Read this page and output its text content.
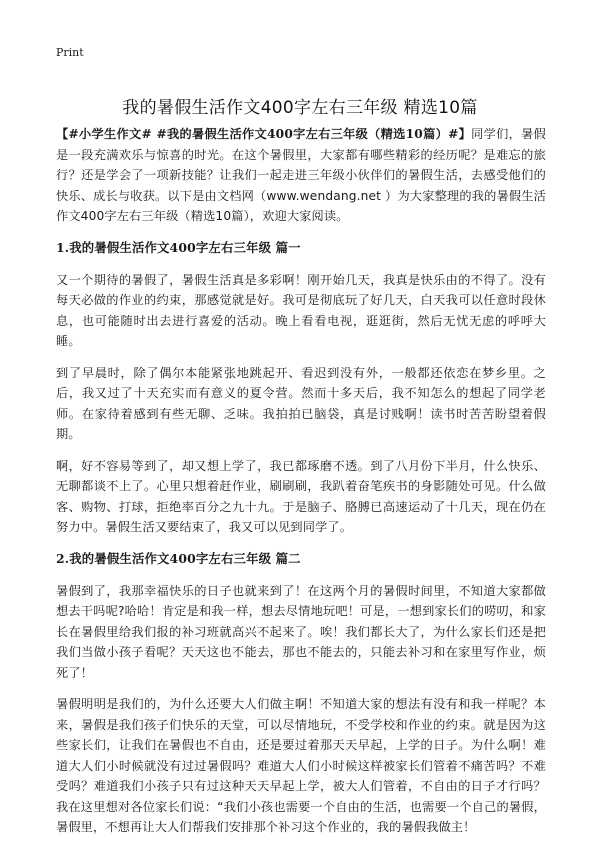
Print
我的暑假生活作文400字左右三年级 精选10篇

【#小学生作文# #我的暑假生活作文400字左右三年级（精选10篇）#】同学们，暑假是一段充满欢乐与惊喜的时光。在这个暑假里，大家都有哪些精彩的经历呢？是难忘的旅行？还是学会了一项新技能？让我们一起走进三年级小伙伴们的暑假生活，去感受他们的快乐、成长与收获。以下是由文档网（www.wendang.net ）为大家整理的我的暑假生活作文400字左右三年级（精选10篇），欢迎大家阅读。

1.我的暑假生活作文400字左右三年级 篇一

又一个期待的暑假了，暑假生活真是多彩啊！刚开始几天，我真是快乐由的不得了。没有每天必做的作业的约束，那感觉就是好。我可是彻底玩了好几天，白天我可以任意时段休息，也可能随时出去进行喜爱的活动。晚上看看电视，逛逛街，然后无忧无虑的呼呼大睡。

到了早晨时，除了偶尔本能紧张地跳起开、看迟到没有外，一般都还依恋在梦乡里。之后，我又过了十天充实而有意义的夏令营。然而十多天后，我不知怎么的想起了同学老师。在家待着感到有些无聊、乏味。我拍拍已脑袋，真是讨贱啊！读书时苦苦盼望着假期。

啊，好不容易等到了，却又想上学了，我已都琢磨不透。到了八月份下半月，什么快乐、无聊都谈不上了。心里只想着赶作业，刷刷刷，我趴着奋笔疾书的身影随处可见。什么做客、购物、打球，拒绝率百分之九十九。于是脑子、胳膊已高速运动了十几天，现在仍在努力中。暑假生活又要结束了，我又可以见到同学了。

2.我的暑假生活作文400字左右三年级 篇二

暑假到了，我那幸福快乐的日子也就来到了！在这两个月的暑假时间里，不知道大家都做想去干吗呢?哈哈！肯定是和我一样，想去尽情地玩吧！可是，一想到家长们的唠叨，和家长在暑假里给我们报的补习班就高兴不起来了。唉！我们都长大了，为什么家长们还是把我们当做小孩子看呢？天天这也不能去，那也不能去的，只能去补习和在家里写作业，烦死了！

暑假明明是我们的，为什么还要大人们做主啊！不知道大家的想法有没有和我一样呢？本来，暑假是我们孩子们快乐的天堂，可以尽情地玩，不受学校和作业的约束。就是因为这些家长们，让我们在暑假也不自由，还是要过着那天天早起，上学的日子。为什么啊！难道大人们小时候就没有过过暑假吗？难道大人们小时候这样被家长们管着不痛苦吗？不难受吗？难道我们小孩子只有过这种天天早起上学，被大人们管着，不自由的日子才行吗？我在这里想对各位家长们说：“我们小孩也需要一个自由的生活，也需要一个自己的暑假，暑假里，不想再让大人们帮我们安排那个补习这个作业的，我的暑假我做主！
